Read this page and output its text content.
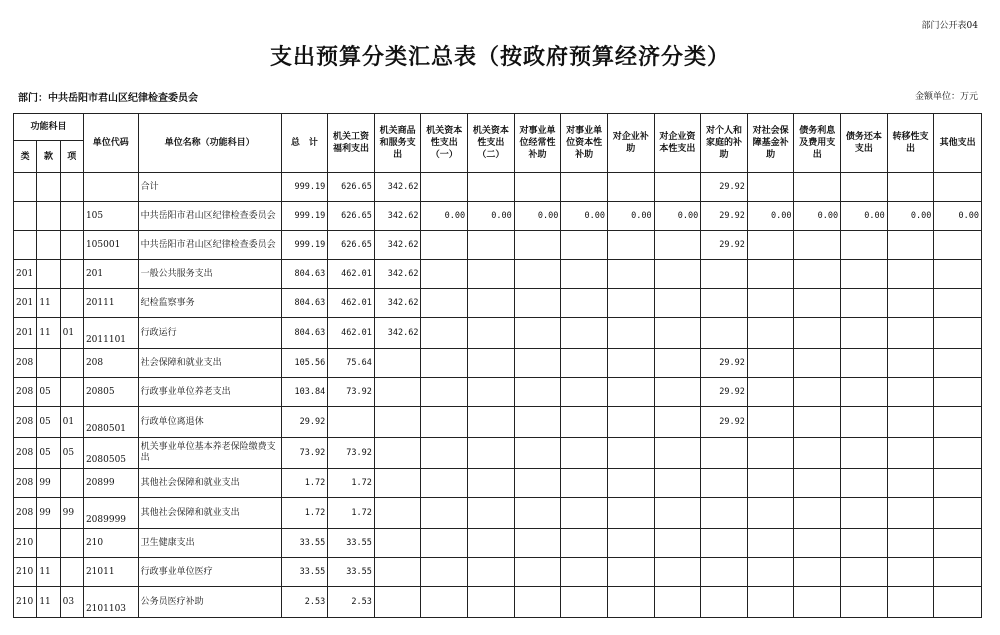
部门公开表04
支出预算分类汇总表（按政府预算经济分类）
部门：中共岳阳市君山区纪律检查委员会	金额单位：万元
功能科目			单位代码	单位名称（功能科目）	总　计	机关工资福利支出	机关商品和服务支出	机关资本性支出（一）	机关资本性支出（二）	对事业单位经常性补助	对事业单位资本性补助	对企业补助	对企业资本性支出	对个人和家庭的补助	对社会保障基金补助	债务利息及费用支出	债务还本支出	转移性支出	其他支出
类	款	项																	
				合计	999.19	626.65	342.62							29.92					
			105	中共岳阳市君山区纪律检查委员会	999.19	626.65	342.62	0.00	0.00	0.00	0.00	0.00	0.00	29.92	0.00	0.00	0.00	0.00	0.00
			105001	中共岳阳市君山区纪律检查委员会	999.19	626.65	342.62							29.92					
201			201	一般公共服务支出	804.63	462.01	342.62												
201	11		20111	纪检监察事务	804.63	462.01	342.62												
201	11	01	2011101	行政运行	804.63	462.01	342.62												
208			208	社会保障和就业支出	105.56	75.64								29.92					
208	05		20805	行政事业单位养老支出	103.84	73.92								29.92					
208	05	01	2080501	行政单位离退休	29.92									29.92					
208	05	05	2080505	机关事业单位基本养老保险缴费支出	73.92	73.92													
208	99		20899	其他社会保障和就业支出	1.72	1.72													
208	99	99	2089999	其他社会保障和就业支出	1.72	1.72													
210			210	卫生健康支出	33.55	33.55													
210	11		21011	行政事业单位医疗	33.55	33.55													
210	11	03	2101103	公务员医疗补助	2.53	2.53													
